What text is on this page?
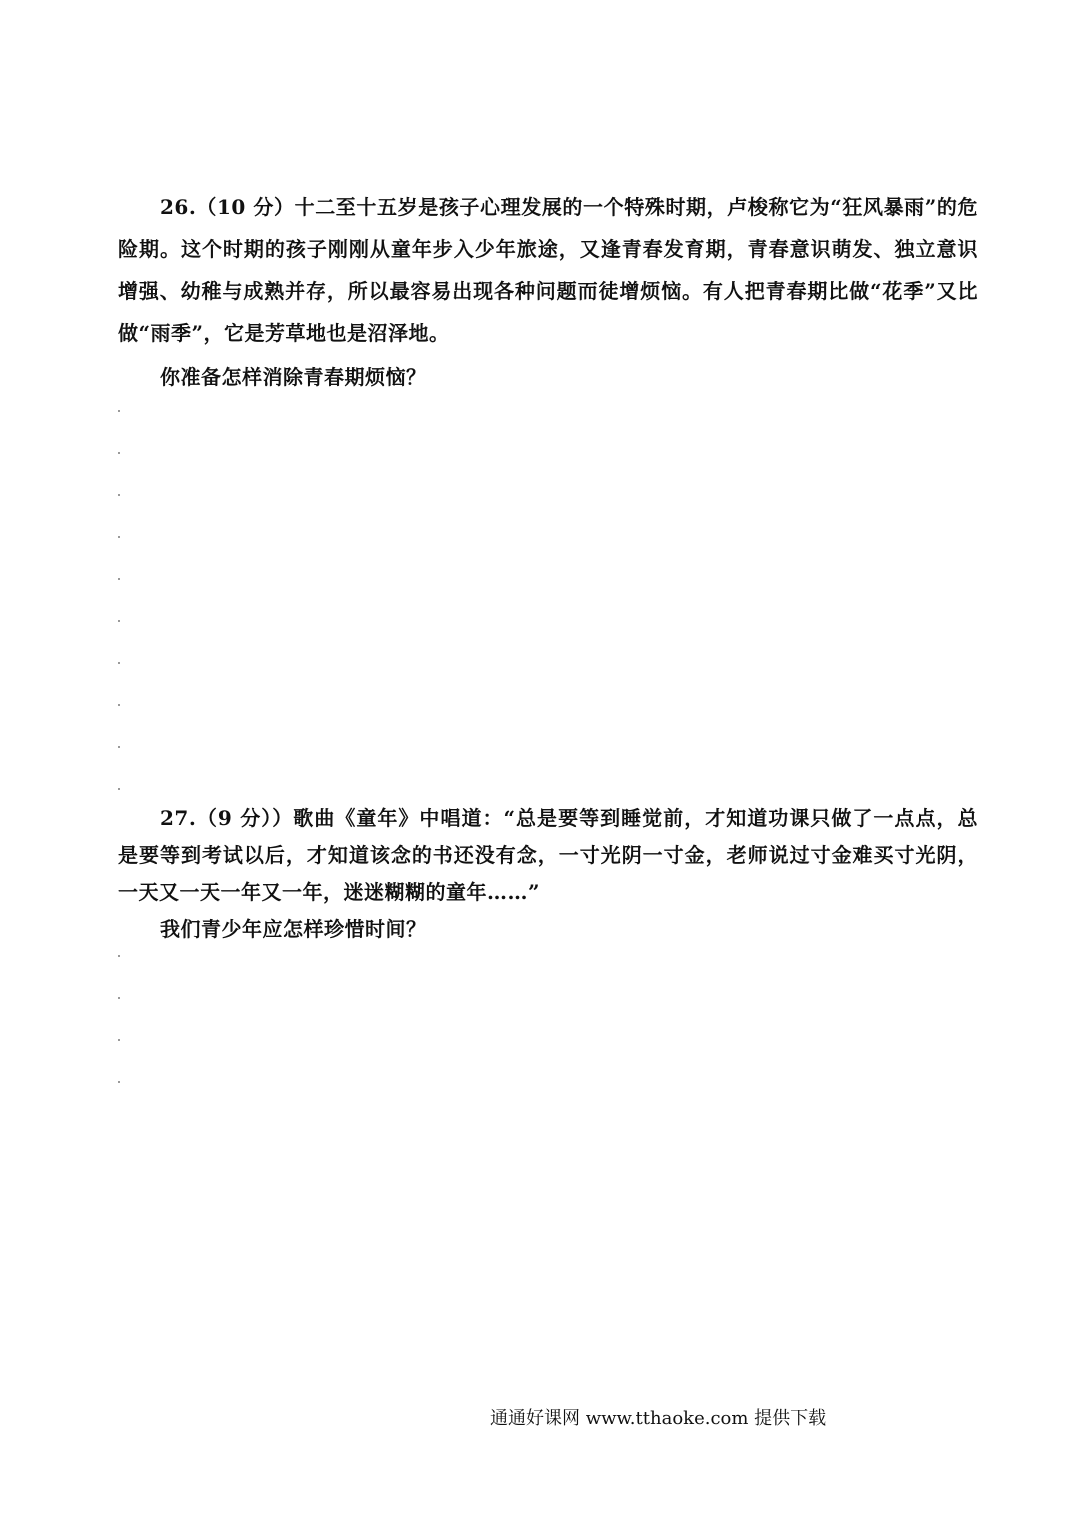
26.（10 分）十二至十五岁是孩子心理发展的一个特殊时期，卢梭称它为“狂风暴雨”的危险期。这个时期的孩子刚刚从童年步入少年旅途，又逢青春发育期，青春意识萌发、独立意识增强、幼稚与成熟并存，所以最容易出现各种问题而徒增烦恼。有人把青春期比做“花季”又比做“雨季”，它是芳草地也是沼泽地。

你准备怎样消除青春期烦恼？

27.（9 分））歌曲《童年》中唱道：“总是要等到睡觉前，才知道功课只做了一点点，总是要等到考试以后，才知道该念的书还没有念，一寸光阴一寸金，老师说过寸金难买寸光阴，一天又一天一年又一年，迷迷糊糊的童年……”

我们青少年应怎样珍惜时间？

通通好课网 www.tthaoke.com 提供下载
